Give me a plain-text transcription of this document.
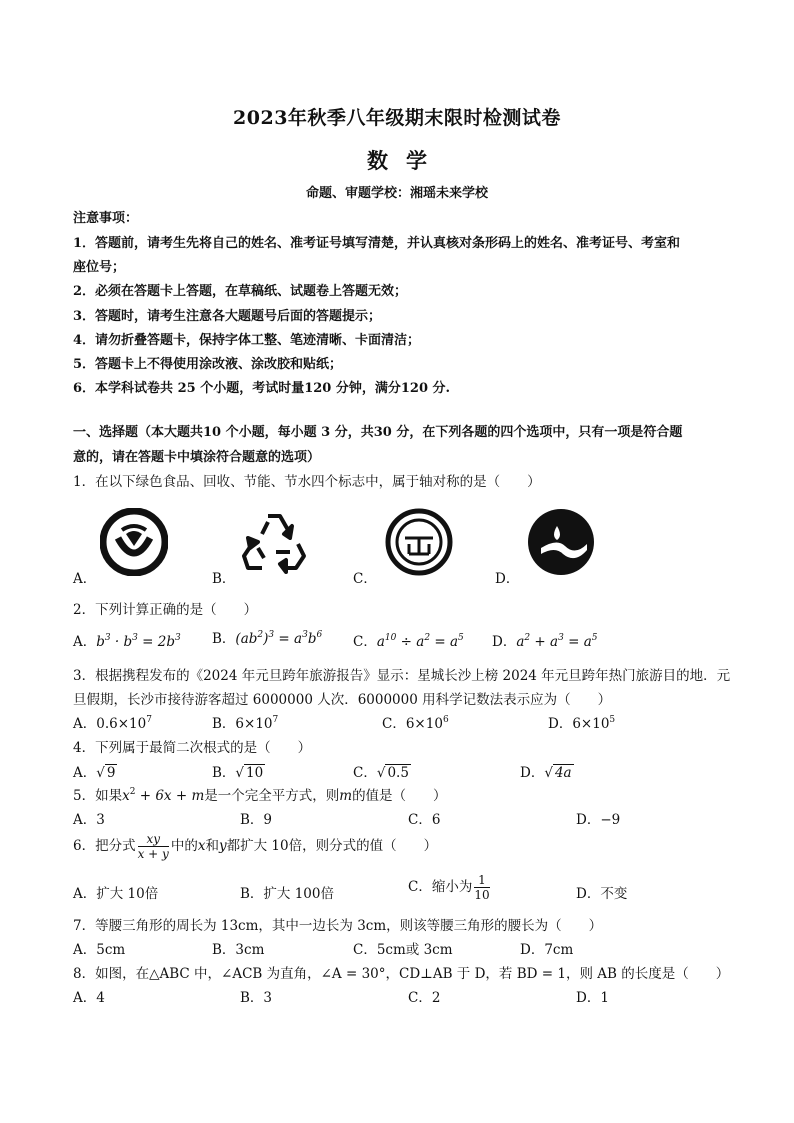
2023年秋季八年级期末限时检测试卷
数学
命题、审题学校：湘瑶未来学校
注意事项：
1．答题前，请考生先将自己的姓名、准考证号填写清楚，并认真核对条形码上的姓名、准考证号、考室和
座位号；
2．必须在答题卡上答题，在草稿纸、试题卷上答题无效；
3．答题时，请考生注意各大题题号后面的答题提示；
4．请勿折叠答题卡，保持字体工整、笔迹清晰、卡面清洁；
5．答题卡上不得使用涂改液、涂改胶和贴纸；
6．本学科试卷共 25 个小题，考试时量120 分钟，满分120 分.
一、选择题（本大题共10 个小题，每小题 3 分，共30 分，在下列各题的四个选项中，只有一项是符合题
意的，请在答题卡中填涂符合题意的选项）
1．在以下绿色食品、回收、节能、节水四个标志中，属于轴对称的是（　　）
A．	B．	C．	D．
2．下列计算正确的是（　　）
A．$b^3 \cdot b^3 = 2b^3$ B．$(ab^2)^3 = a^3b^6$ C．$a^{10} \div a^2 = a^5$ D．$a^2 + a^3 = a^5$
3．根据携程发布的《2024 年元旦跨年旅游报告》显示：星城长沙上榜 2024 年元旦跨年热门旅游目的地．元
旦假期，长沙市接待游客超过 6000000 人次．6000000 用科学记数法表示应为（　　）
A．$0.6\times 10^7$	B．$6\times 10^7$	C．$6\times 10^6$	D．$6\times 10^5$
4．下列属于最简二次根式的是（　　）
A．√ 9	B．√ 10	C．√ 0.5	D．√ 4a
5．如果$x^2 + 6x + m$是一个完全平方式，则m的值是（　　）
A．3	B．9	C．6	D．−9
6．把分式 $\frac{xy}{x + y}$ 中的x和y都扩大 10倍，则分式的值（　　）
A．扩大 10倍	B．扩大 100倍	C．缩小为 $\frac{1}{10}$	D．不变
7．等腰三角形的周长为 13cm，其中一边长为 3cm，则该等腰三角形的腰长为（　　）
A．5cm	B．3cm	C．5cm或 3cm	D．7cm
8．如图，在△ABC 中，∠ACB 为直角，∠A = 30°，CD⊥AB 于 D，若 BD = 1，则 AB 的长度是（　　）
A．4	B．3	C．2	D．1
